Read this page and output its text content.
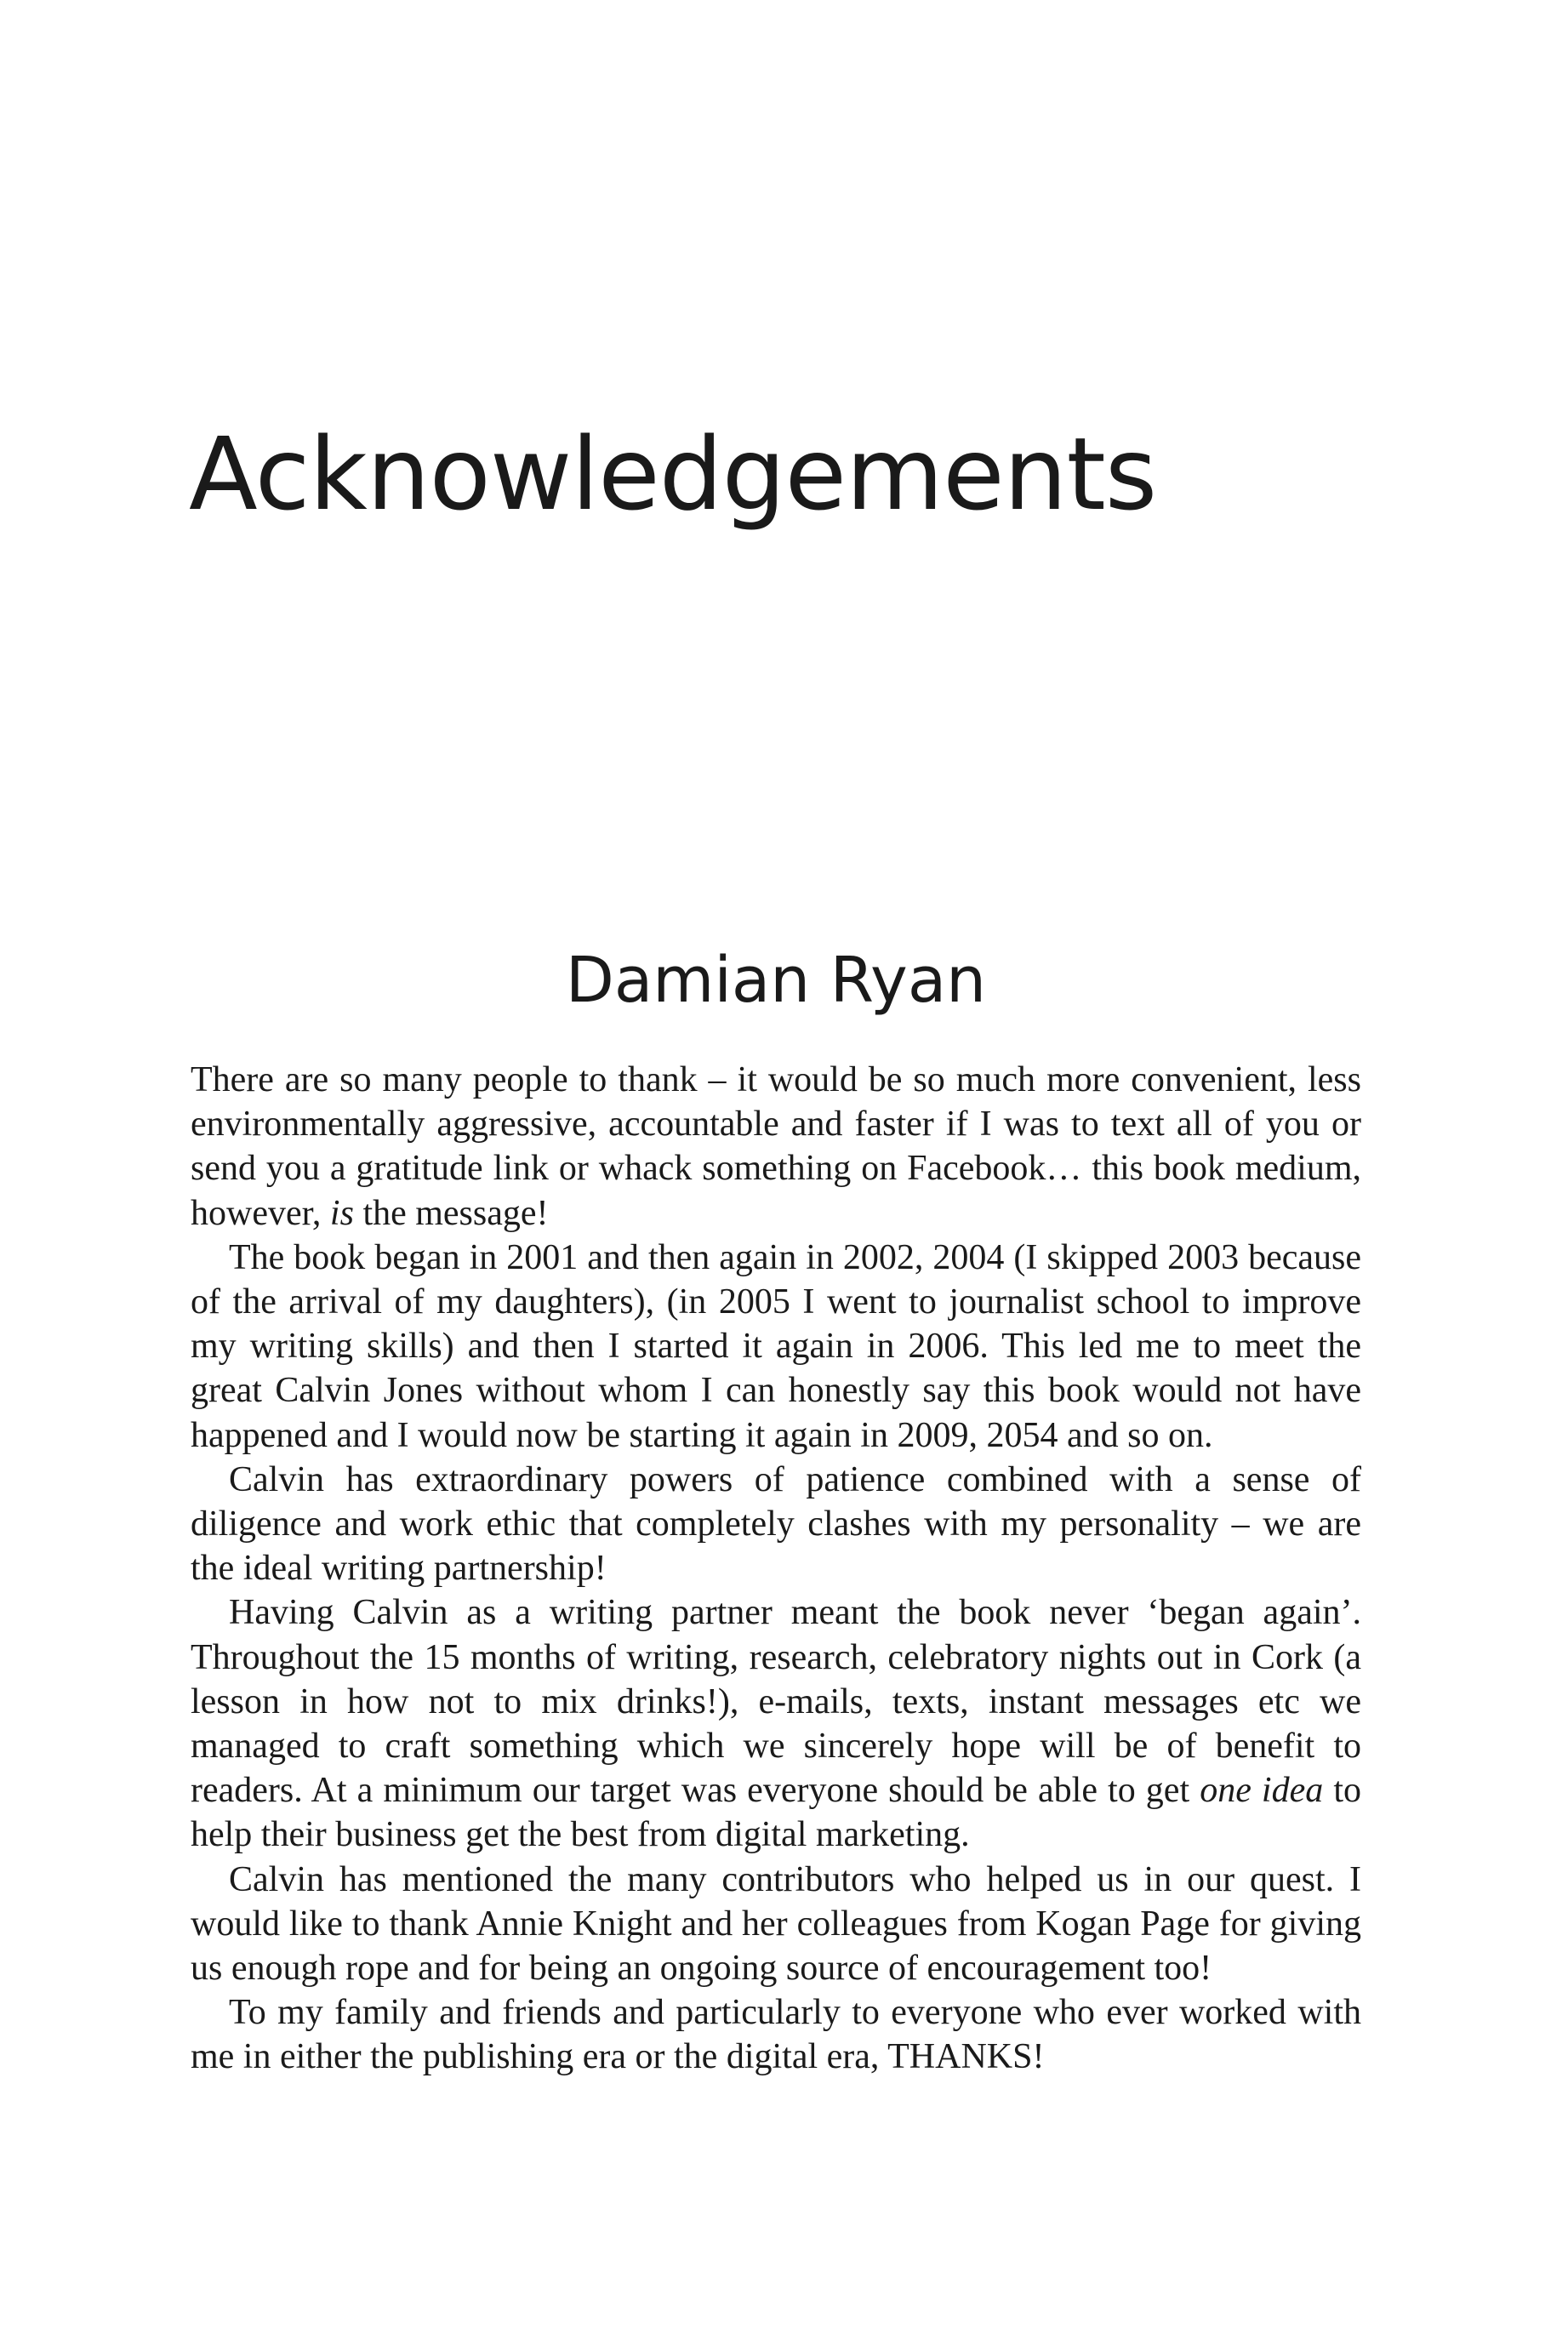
Acknowledgements
Damian Ryan

There are so many people to thank – it would be so much more convenient, less environmentally aggressive, accountable and faster if I was to text all of you or send you a gratitude link or whack something on Facebook… this book medium, however, is the message!

The book began in 2001 and then again in 2002, 2004 (I skipped 2003 because of the arrival of my daughters), (in 2005 I went to journalist school to improve my writing skills) and then I started it again in 2006. This led me to meet the great Calvin Jones without whom I can honestly say this book would not have happened and I would now be starting it again in 2009, 2054 and so on.

Calvin has extraordinary powers of patience combined with a sense of diligence and work ethic that completely clashes with my personality – we are the ideal writing partnership!

Having Calvin as a writing partner meant the book never ‘began again’. Throughout the 15 months of writing, research, celebratory nights out in Cork (a lesson in how not to mix drinks!), e-mails, texts, instant messages etc we managed to craft something which we sincerely hope will be of benefit to readers. At a minimum our target was everyone should be able to get one idea to help their business get the best from digital marketing.

Calvin has mentioned the many contributors who helped us in our quest. I would like to thank Annie Knight and her colleagues from Kogan Page for giving us enough rope and for being an ongoing source of encouragement too!

To my family and friends and particularly to everyone who ever worked with me in either the publishing era or the digital era, THANKS!
